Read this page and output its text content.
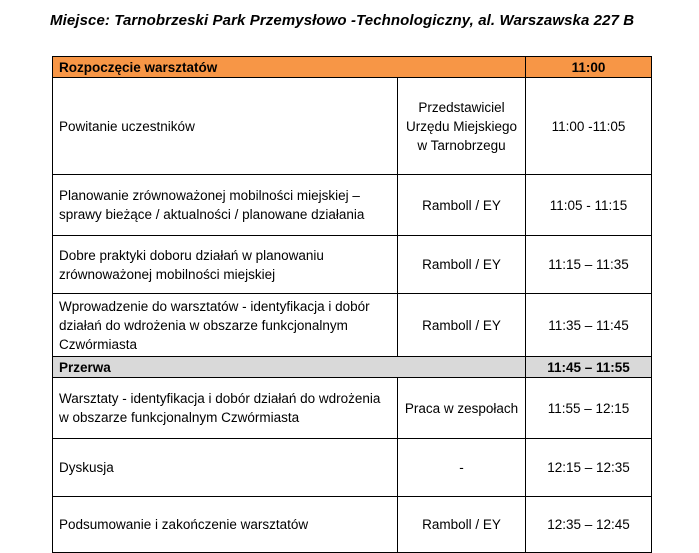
Miejsce: Tarnobrzeski Park Przemysłowo -Technologiczny, al. Warszawska 227 B
Rozpoczęcie warsztatów		11:00
Powitanie uczestników	Przedstawiciel Urzędu Miejskiego w Tarnobrzegu	11:00 -11:05
Planowanie zrównoważonej mobilności miejskiej – sprawy bieżące / aktualności / planowane działania	Ramboll / EY	11:05 - 11:15
Dobre praktyki doboru działań w planowaniu zrównoważonej mobilności miejskiej	Ramboll / EY	11:15 – 11:35
Wprowadzenie do warsztatów - identyfikacja i dobór działań do wdrożenia w obszarze funkcjonalnym Czwórmiasta	Ramboll / EY	11:35 – 11:45
Przerwa		11:45 – 11:55
Warsztaty - identyfikacja i dobór działań do wdrożenia w obszarze funkcjonalnym Czwórmiasta	Praca w zespołach	11:55 – 12:15
Dyskusja	-	12:15 – 12:35
Podsumowanie i zakończenie warsztatów	Ramboll / EY	12:35 – 12:45
